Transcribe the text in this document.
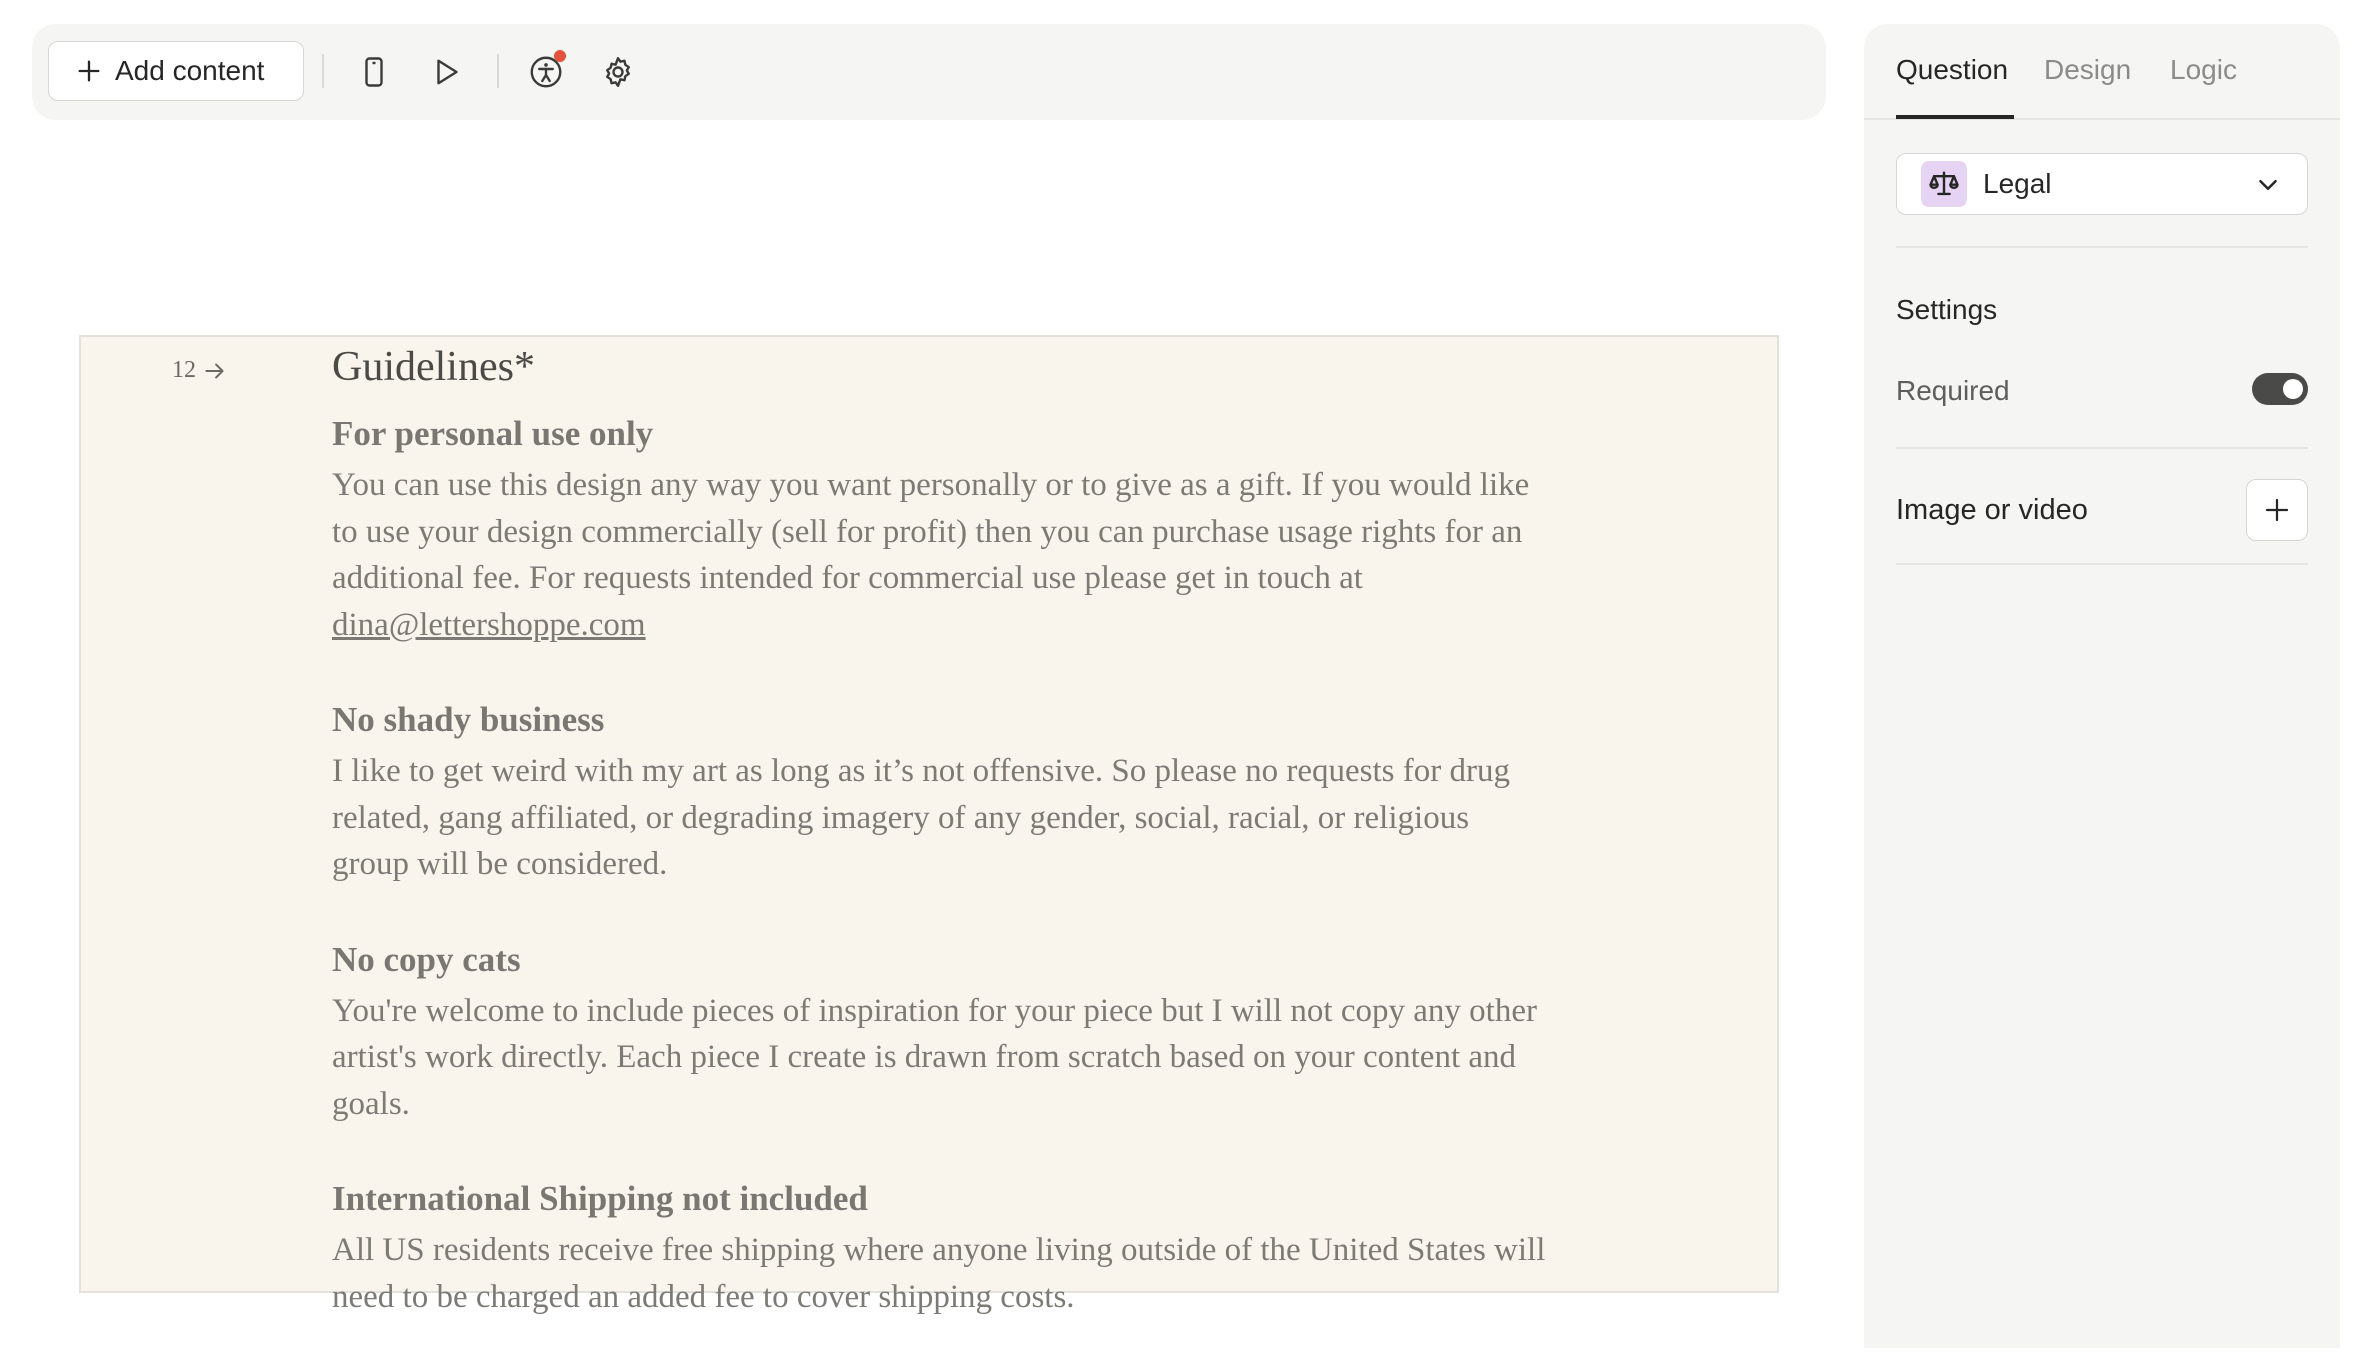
Add content
12	Guidelines*
For personal use only

You can use this design any way you want personally or to give as a gift. If you would like to use your design commercially (sell for profit) then you can purchase usage rights for an additional fee. For requests intended for commercial use please get in touch at dina@lettershoppe.com

No shady business

I like to get weird with my art as long as it’s not offensive. So please no requests for drug related, gang affiliated, or degrading imagery of any gender, social, racial, or religious group will be considered.

No copy cats

You're welcome to include pieces of inspiration for your piece but I will not copy any other artist's work directly. Each piece I create is drawn from scratch based on your content and goals.

International Shipping not included

All US residents receive free shipping where anyone living outside of the United States will need to be charged an added fee to cover shipping costs.

Question Design Logic
Legal
Settings
Required
Image or video
